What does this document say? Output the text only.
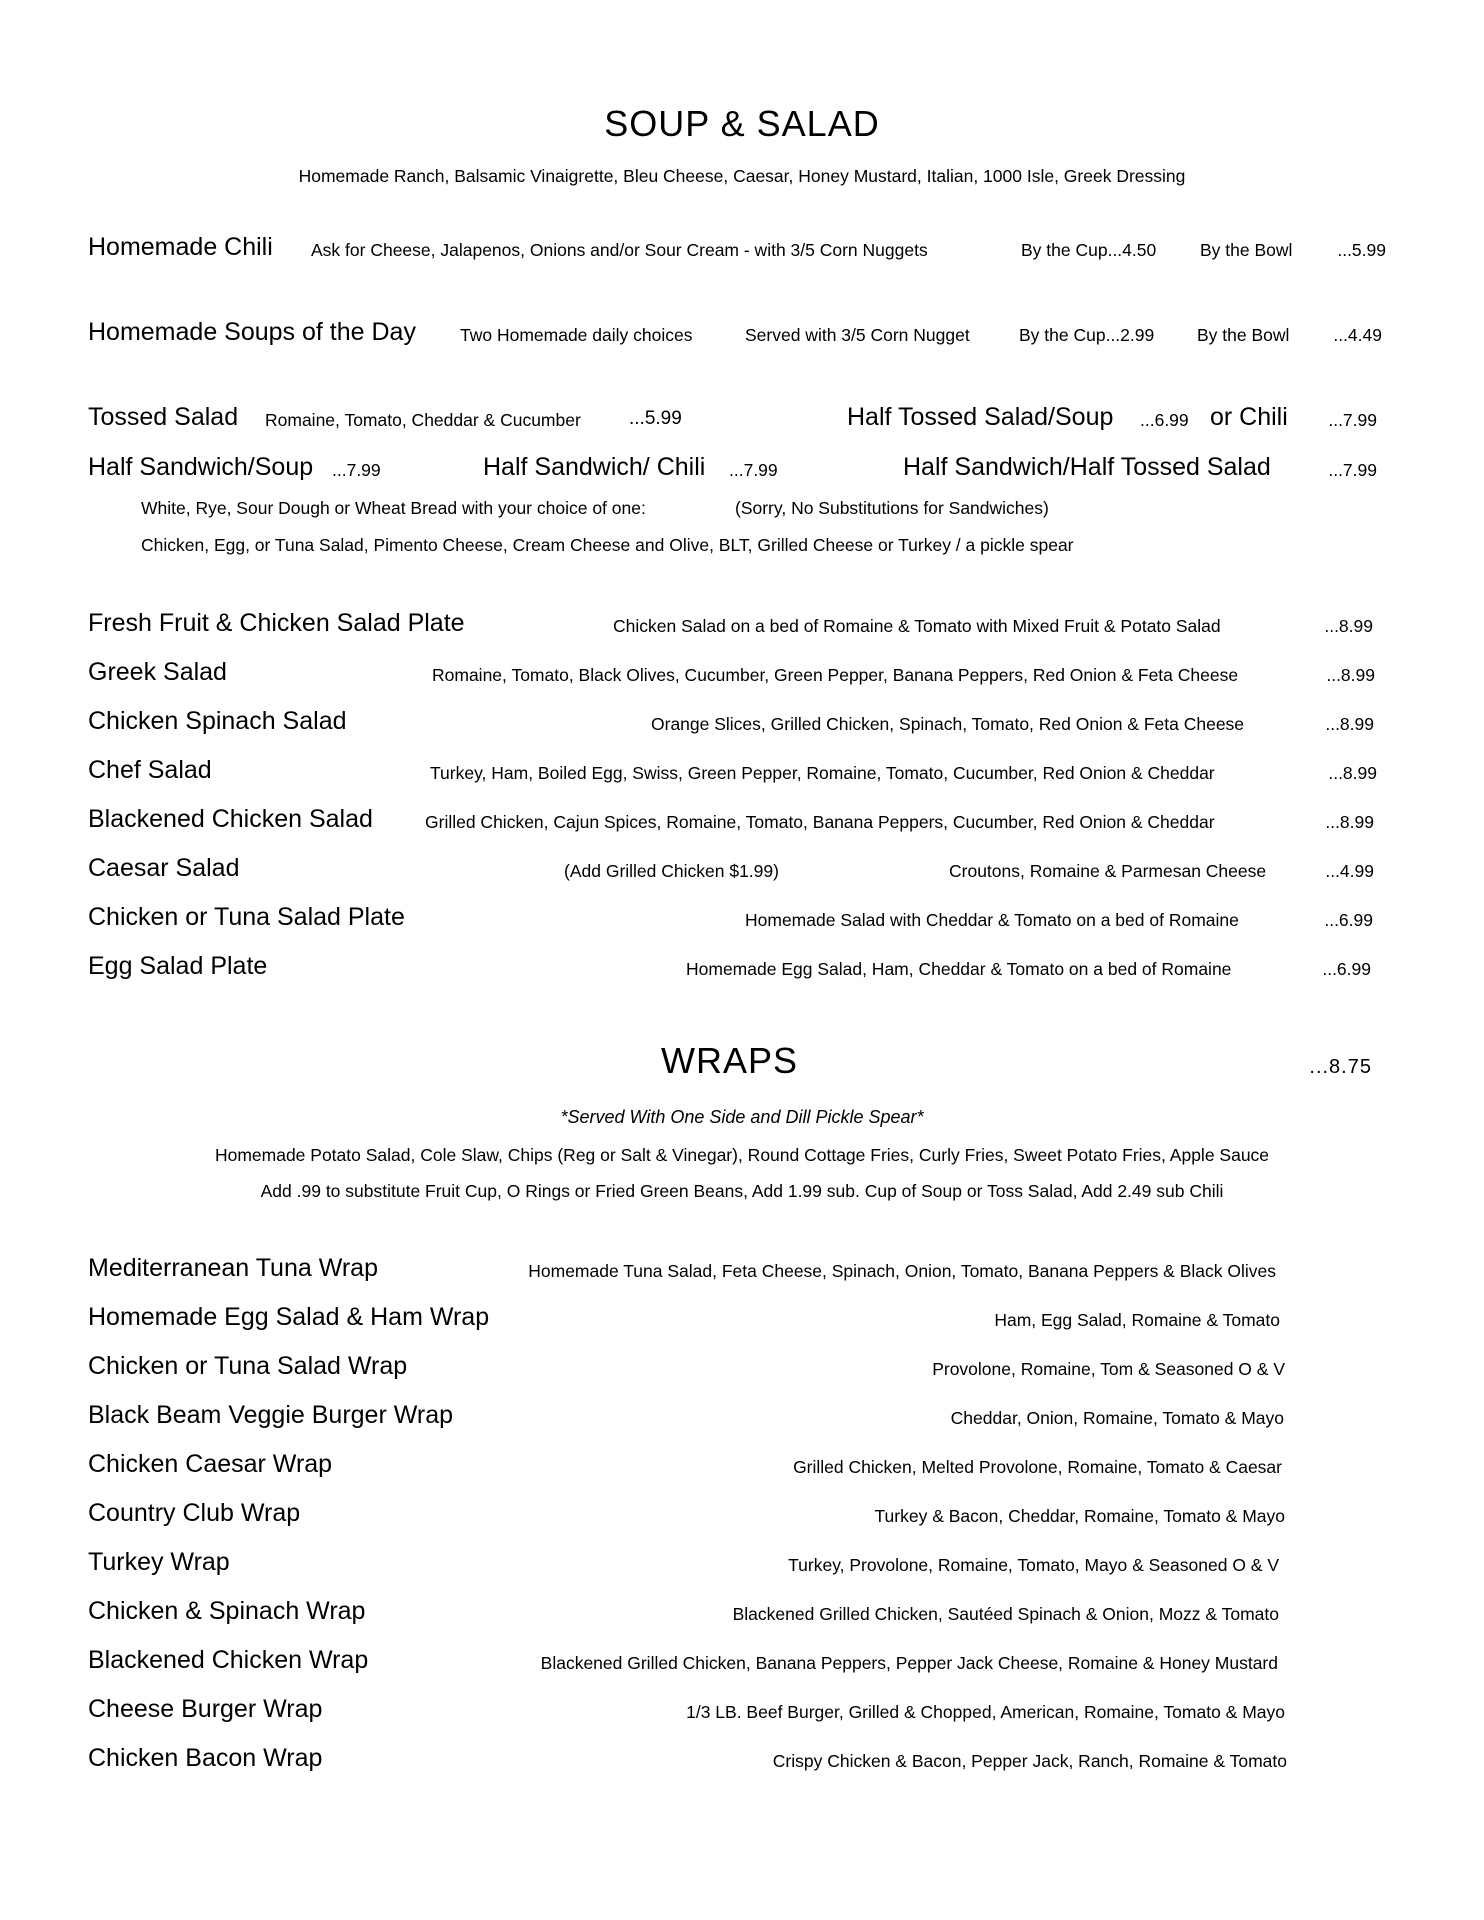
SOUP & SALAD
Homemade Ranch, Balsamic Vinaigrette, Bleu Cheese, Caesar, Honey Mustard, Italian, 1000 Isle, Greek Dressing
Homemade Chili Ask for Cheese, Jalapenos, Onions and/or Sour Cream - with 3/5 Corn Nuggets	By the Cup...4.50	By the Bowl	...5.99
Homemade Soups of the Day	Two Homemade daily choices	Served with 3/5 Corn Nugget	By the Cup...2.99 By the Bowl	...4.49
Tossed Salad Romaine, Tomato, Cheddar & Cucumber	...5.99	Half Tossed Salad/Soup ...6.99 or Chili ...7.99
Half Sandwich/Soup ...7.99	Half Sandwich/ Chili ...7.99	Half Sandwich/Half Tossed Salad	...7.99
White, Rye, Sour Dough or Wheat Bread with your choice of one:	(Sorry, No Substitutions for Sandwiches)
Chicken, Egg, or Tuna Salad, Pimento Cheese, Cream Cheese and Olive, BLT, Grilled Cheese or Turkey / a pickle spear
Fresh Fruit & Chicken Salad Plate	Chicken Salad on a bed of Romaine & Tomato with Mixed Fruit & Potato Salad	...8.99
Greek Salad	Romaine, Tomato, Black Olives, Cucumber, Green Pepper, Banana Peppers, Red Onion & Feta Cheese	...8.99
Chicken Spinach Salad	Orange Slices, Grilled Chicken, Spinach, Tomato, Red Onion & Feta Cheese	...8.99
Chef Salad	Turkey, Ham, Boiled Egg, Swiss, Green Pepper, Romaine, Tomato, Cucumber, Red Onion & Cheddar	...8.99
Blackened Chicken Salad	Grilled Chicken, Cajun Spices, Romaine, Tomato, Banana Peppers, Cucumber, Red Onion & Cheddar	...8.99
Caesar Salad	(Add Grilled Chicken $1.99)	Croutons, Romaine & Parmesan Cheese	...4.99
Chicken or Tuna Salad Plate	Homemade Salad with Cheddar & Tomato on a bed of Romaine	...6.99
Egg Salad Plate	Homemade Egg Salad, Ham, Cheddar & Tomato on a bed of Romaine	...6.99
WRAPS	...8.75
*Served With One Side and Dill Pickle Spear*
Homemade Potato Salad, Cole Slaw, Chips (Reg or Salt & Vinegar), Round Cottage Fries, Curly Fries, Sweet Potato Fries, Apple Sauce
Add .99 to substitute Fruit Cup, O Rings or Fried Green Beans, Add 1.99 sub. Cup of Soup or Toss Salad, Add 2.49 sub Chili
Mediterranean Tuna Wrap	Homemade Tuna Salad, Feta Cheese, Spinach, Onion, Tomato, Banana Peppers & Black Olives
Homemade Egg Salad & Ham Wrap	Ham, Egg Salad, Romaine & Tomato
Chicken or Tuna Salad Wrap	Provolone, Romaine, Tom & Seasoned O & V
Black Beam Veggie Burger Wrap	Cheddar, Onion, Romaine, Tomato & Mayo
Chicken Caesar Wrap	Grilled Chicken, Melted Provolone, Romaine, Tomato & Caesar
Country Club Wrap	Turkey & Bacon, Cheddar, Romaine, Tomato & Mayo
Turkey Wrap	Turkey, Provolone, Romaine, Tomato, Mayo & Seasoned O & V
Chicken & Spinach Wrap	Blackened Grilled Chicken, Sautéed Spinach & Onion, Mozz & Tomato
Blackened Chicken Wrap	Blackened Grilled Chicken, Banana Peppers, Pepper Jack Cheese, Romaine & Honey Mustard
Cheese Burger Wrap	1/3 LB. Beef Burger, Grilled & Chopped, American, Romaine, Tomato & Mayo
Chicken Bacon Wrap	Crispy Chicken & Bacon, Pepper Jack, Ranch, Romaine & Tomato
